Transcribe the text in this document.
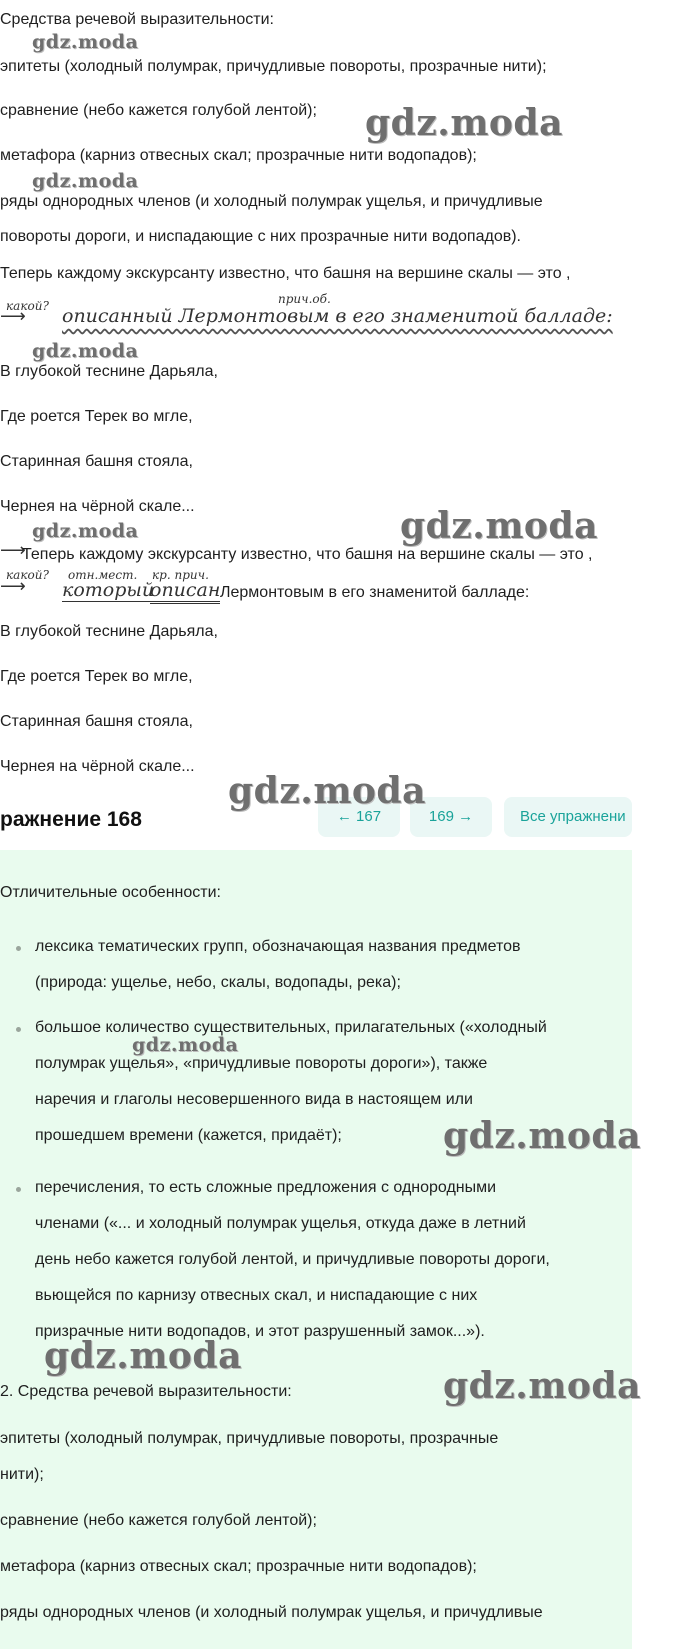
Средства речевой выразительности:
эпитеты (холодный полумрак, причудливые повороты, прозрачные нити);
сравнение (небо кажется голубой лентой);
метафора (карниз отвесных скал; прозрачные нити водопадов);
ряды однородных членов (и холодный полумрак ущелья, и причудливые
повороты дороги, и ниспадающие с них прозрачные нити водопадов).
Теперь каждому экскурсанту известно, что башня на вершине скалы — это ,
какой?	прич.об.
⟶ описанный Лермонтовым в его знаменитой балладе:
В глубокой теснине Дарьяла,
Где роется Терек во мгле,
Старинная башня стояла,
Чернея на чёрной скале...
⟶
Теперь каждому экскурсанту известно, что башня на вершине скалы — это ,
какой? отн.мест. кр. прич.
⟶ который
описан Лермонтовым в его знаменитой балладе:
В глубокой теснине Дарьяла,
Где роется Терек во мгле,
Старинная башня стояла,
Чернея на чёрной скале...
ражнение 168	← 167	169 →	Все упражнени
Отличительные особенности:
лексика тематических групп, обозначающая названия предметов
(природа: ущелье, небо, скалы, водопады, река);
большое количество существительных, прилагательных («холодный
полумрак ущелья», «причудливые повороты дороги»), также
наречия и глаголы несовершенного вида в настоящем или
прошедшем времени (кажется, придаёт);
перечисления, то есть сложные предложения с однородными
членами («... и холодный полумрак ущелья, откуда даже в летний
день небо кажется голубой лентой, и причудливые повороты дороги,
вьющейся по карнизу отвесных скал, и ниспадающие с них
призрачные нити водопадов, и этот разрушенный замок...»).
2. Средства речевой выразительности:
эпитеты (холодный полумрак, причудливые повороты, прозрачные
нити);
сравнение (небо кажется голубой лентой);
метафора (карниз отвесных скал; прозрачные нити водопадов);
ряды однородных членов (и холодный полумрак ущелья, и причудливые
gdz.moda
gdz.moda
gdz.moda
gdz.moda
gdz.moda	gdz.moda
gdz.moda
gdz.moda
gdz.moda
gdz.moda
gdz.moda
